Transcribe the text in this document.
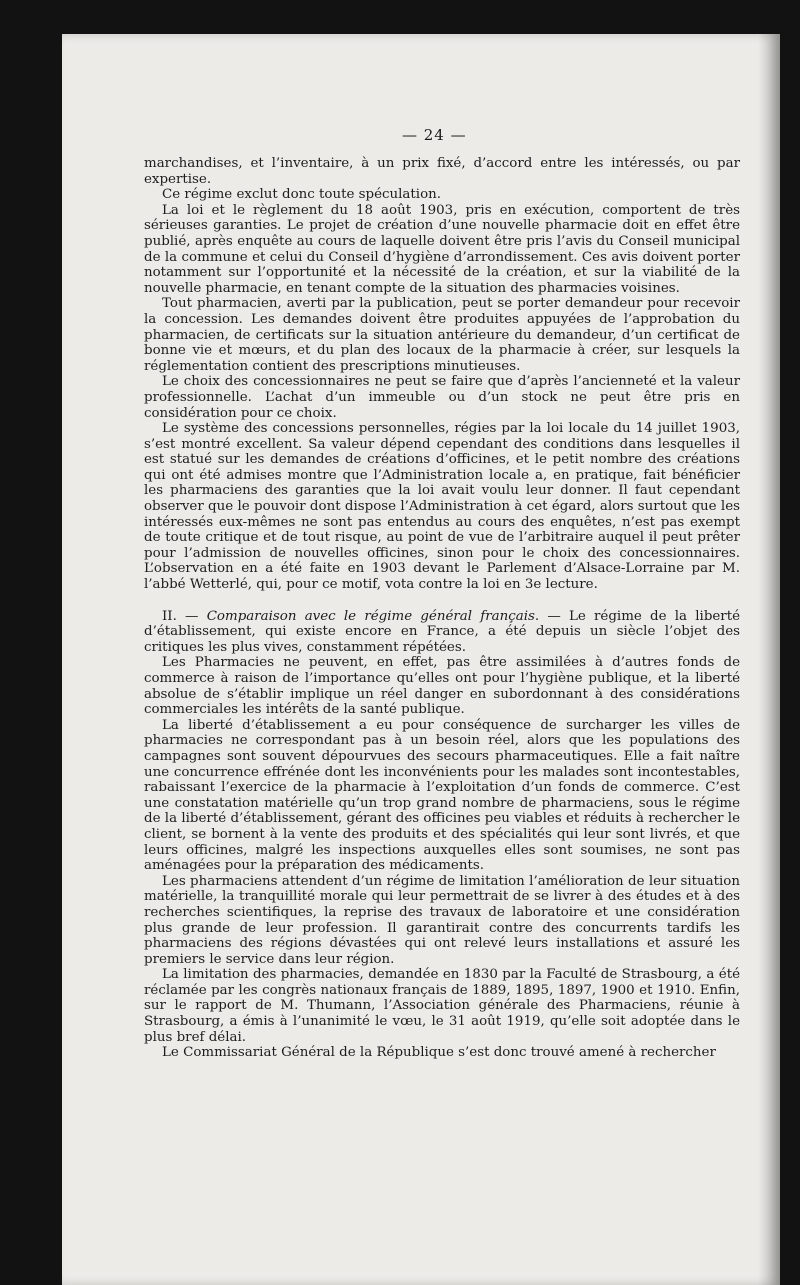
— 24 —

marchandises, et l’inventaire, à un prix fixé, d’accord entre les intéressés, ou par expertise.

Ce régime exclut donc toute spéculation.

La loi et le règlement du 18 août 1903, pris en exécution, comportent de très sérieuses garanties. Le projet de création d’une nouvelle pharmacie doit en effet être publié, après enquête au cours de laquelle doivent être pris l’avis du Conseil municipal de la commune et celui du Conseil d’hygiène d’arrondissement. Ces avis doivent porter notamment sur l’opportunité et la nécessité de la création, et sur la viabilité de la nouvelle pharmacie, en tenant compte de la situation des pharmacies voisines.

Tout pharmacien, averti par la publication, peut se porter demandeur pour recevoir la concession. Les demandes doivent être produites appuyées de l’approbation du pharmacien, de certificats sur la situation antérieure du demandeur, d’un certificat de bonne vie et mœurs, et du plan des locaux de la pharmacie à créer, sur lesquels la réglementation contient des prescriptions minutieuses.

Le choix des concessionnaires ne peut se faire que d’après l’ancienneté et la valeur professionnelle. L’achat d’un immeuble ou d’un stock ne peut être pris en considération pour ce choix.

Le système des concessions personnelles, régies par la loi locale du 14 juillet 1903, s’est montré excellent. Sa valeur dépend cependant des conditions dans lesquelles il est statué sur les demandes de créations d’officines, et le petit nombre des créations qui ont été admises montre que l’Administration locale a, en pratique, fait bénéficier les pharmaciens des garanties que la loi avait voulu leur donner. Il faut cependant observer que le pouvoir dont dispose l’Administration à cet égard, alors surtout que les intéressés eux-mêmes ne sont pas entendus au cours des enquêtes, n’est pas exempt de toute critique et de tout risque, au point de vue de l’arbitraire auquel il peut prêter pour l’admission de nouvelles officines, sinon pour le choix des concessionnaires. L’observation en a été faite en 1903 devant le Parlement d’Alsace-Lorraine par M. l’abbé Wetterlé, qui, pour ce motif, vota contre la loi en 3e lecture.

II. — Comparaison avec le régime général français. — Le régime de la liberté d’établissement, qui existe encore en France, a été depuis un siècle l’objet des critiques les plus vives, constamment répétées.

Les Pharmacies ne peuvent, en effet, pas être assimilées à d’autres fonds de commerce à raison de l’importance qu’elles ont pour l’hygiène publique, et la liberté absolue de s’établir implique un réel danger en subordonnant à des considérations commerciales les intérêts de la santé publique.

La liberté d’établissement a eu pour conséquence de surcharger les villes de pharmacies ne correspondant pas à un besoin réel, alors que les populations des campagnes sont souvent dépourvues des secours pharmaceutiques. Elle a fait naître une concurrence effrénée dont les inconvénients pour les malades sont incontestables, rabaissant l’exercice de la pharmacie à l’exploitation d’un fonds de commerce. C’est une constatation matérielle qu’un trop grand nombre de pharmaciens, sous le régime de la liberté d’établissement, gérant des officines peu viables et réduits à rechercher le client, se bornent à la vente des produits et des spécialités qui leur sont livrés, et que leurs officines, malgré les inspections auxquelles elles sont soumises, ne sont pas aménagées pour la préparation des médicaments.

Les pharmaciens attendent d’un régime de limitation l’amélioration de leur situation matérielle, la tranquillité morale qui leur permettrait de se livrer à des études et à des recherches scientifiques, la reprise des travaux de laboratoire et une considération plus grande de leur profession. Il garantirait contre des concurrents tardifs les pharmaciens des régions dévastées qui ont relevé leurs installations et assuré les premiers le service dans leur région.

La limitation des pharmacies, demandée en 1830 par la Faculté de Strasbourg, a été réclamée par les congrès nationaux français de 1889, 1895, 1897, 1900 et 1910. Enfin, sur le rapport de M. Thumann, l’Association générale des Pharmaciens, réunie à Strasbourg, a émis à l’unanimité le vœu, le 31 août 1919, qu’elle soit adoptée dans le plus bref délai.

Le Commissariat Général de la République s’est donc trouvé amené à rechercher
